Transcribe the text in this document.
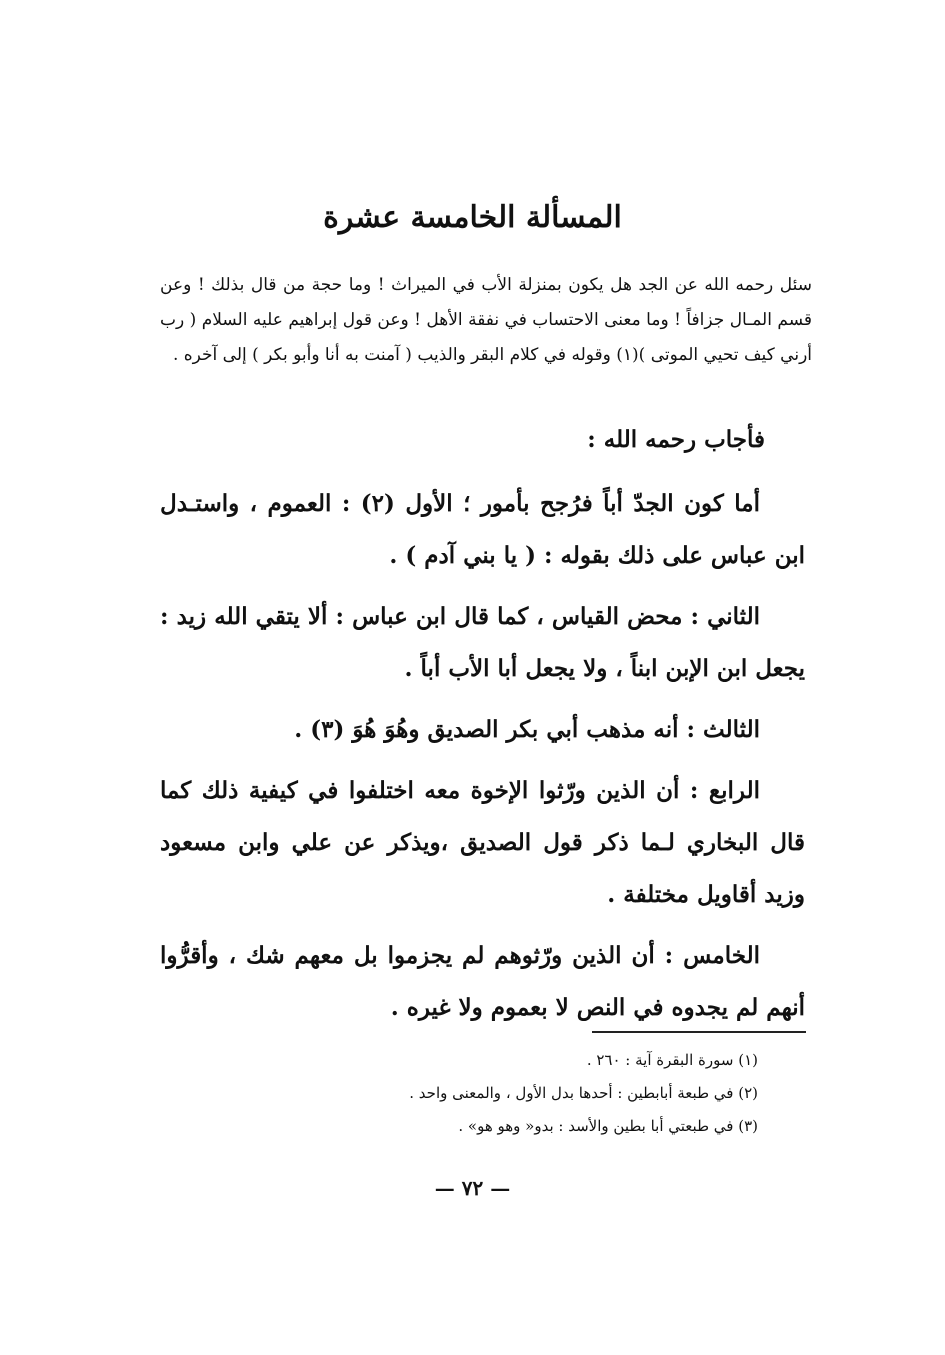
المسألة الخامسة عشرة
سئل رحمه الله عن الجد هل يكون بمنزلة الأب في الميراث ! وما حجة من قال بذلك ! وعن قسم المـال جزافاً ! وما معنى الاحتساب في نفقة الأهل ! وعن قول إبراهيم عليه السلام ( رب أرني كيف تحيي الموتى )(١) وقوله في كلام البقر والذيب ( آمنت به أنا وأبو بكر ) إلى آخره .
فأجاب رحمه الله :

أما كون الجدّ أباً فرُجح بأمور ؛ الأول (٢) : العموم ، واستـدل ابن عباس على ذلك بقوله : ( يا بني آدم ) .

الثاني : محض القياس ، كما قال ابن عباس : ألا يتقي الله زيد : يجعل ابن الإبن ابناً ، ولا يجعل أبا الأب أباً .

الثالث : أنه مذهب أبي بكر الصديق وهُوَ هُوَ (٣) .

الرابع : أن الذين ورّثوا الإخوة معه اختلفوا في كيفية ذلك كما قال البخاري لـما ذكر قول الصديق ،ويذكر عن علي وابن مسعود وزيد أقاويل مختلفة .

الخامس : أن الذين ورّثوهم لم يجزموا بل معهم شك ، وأقرُّوا أنهم لم يجدوه في النص لا بعموم ولا غيره .

(١) سورة البقرة آية : ٢٦٠ .
(٢) في طبعة أبابطين : أحدها بدل الأول ، والمعنى واحد .
(٣) في طبعتي أبا بطين والأسد : بدو« وهو هو» .
— ٧٢ —
